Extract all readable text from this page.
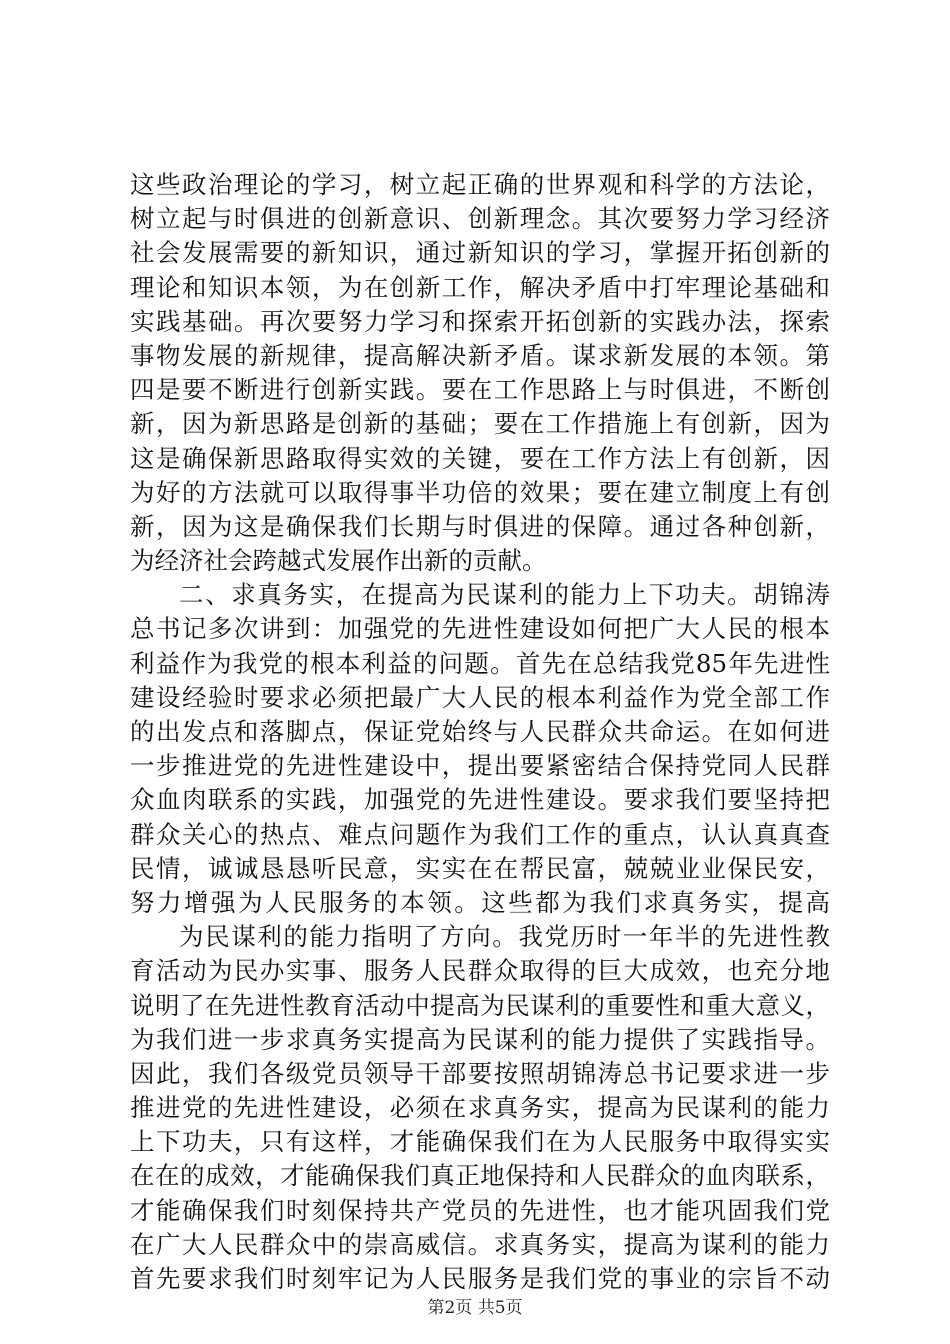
这些政治理论的学习，树立起正确的世界观和科学的方法论，
树立起与时俱进的创新意识、创新理念。其次要努力学习经济
社会发展需要的新知识，通过新知识的学习，掌握开拓创新的
理论和知识本领，为在创新工作，解决矛盾中打牢理论基础和
实践基础。再次要努力学习和探索开拓创新的实践办法，探索
事物发展的新规律，提高解决新矛盾。谋求新发展的本领。第
四是要不断进行创新实践。要在工作思路上与时俱进，不断创
新，因为新思路是创新的基础；要在工作措施上有创新，因为
这是确保新思路取得实效的关键，要在工作方法上有创新，因
为好的方法就可以取得事半功倍的效果；要在建立制度上有创
新，因为这是确保我们长期与时俱进的保障。通过各种创新，
为经济社会跨越式发展作出新的贡献。
二、求真务实，在提高为民谋利的能力上下功夫。胡锦涛
总书记多次讲到：加强党的先进性建设如何把广大人民的根本
利益作为我党的根本利益的问题。首先在总结我党85年先进性
建设经验时要求必须把最广大人民的根本利益作为党全部工作
的出发点和落脚点，保证党始终与人民群众共命运。在如何进
一步推进党的先进性建设中，提出要紧密结合保持党同人民群
众血肉联系的实践，加强党的先进性建设。要求我们要坚持把
群众关心的热点、难点问题作为我们工作的重点，认认真真查
民情，诚诚恳恳听民意，实实在在帮民富，兢兢业业保民安，
努力增强为人民服务的本领。这些都为我们求真务实，提高
为民谋利的能力指明了方向。我党历时一年半的先进性教
育活动为民办实事、服务人民群众取得的巨大成效，也充分地
说明了在先进性教育活动中提高为民谋利的重要性和重大意义，
为我们进一步求真务实提高为民谋利的能力提供了实践指导。
因此，我们各级党员领导干部要按照胡锦涛总书记要求进一步
推进党的先进性建设，必须在求真务实，提高为民谋利的能力
上下功夫，只有这样，才能确保我们在为人民服务中取得实实
在在的成效，才能确保我们真正地保持和人民群众的血肉联系，
才能确保我们时刻保持共产党员的先进性，也才能巩固我们党
在广大人民群众中的崇高威信。求真务实，提高为谋利的能力
首先要求我们时刻牢记为人民服务是我们党的事业的宗旨不动
第2页 共5页
